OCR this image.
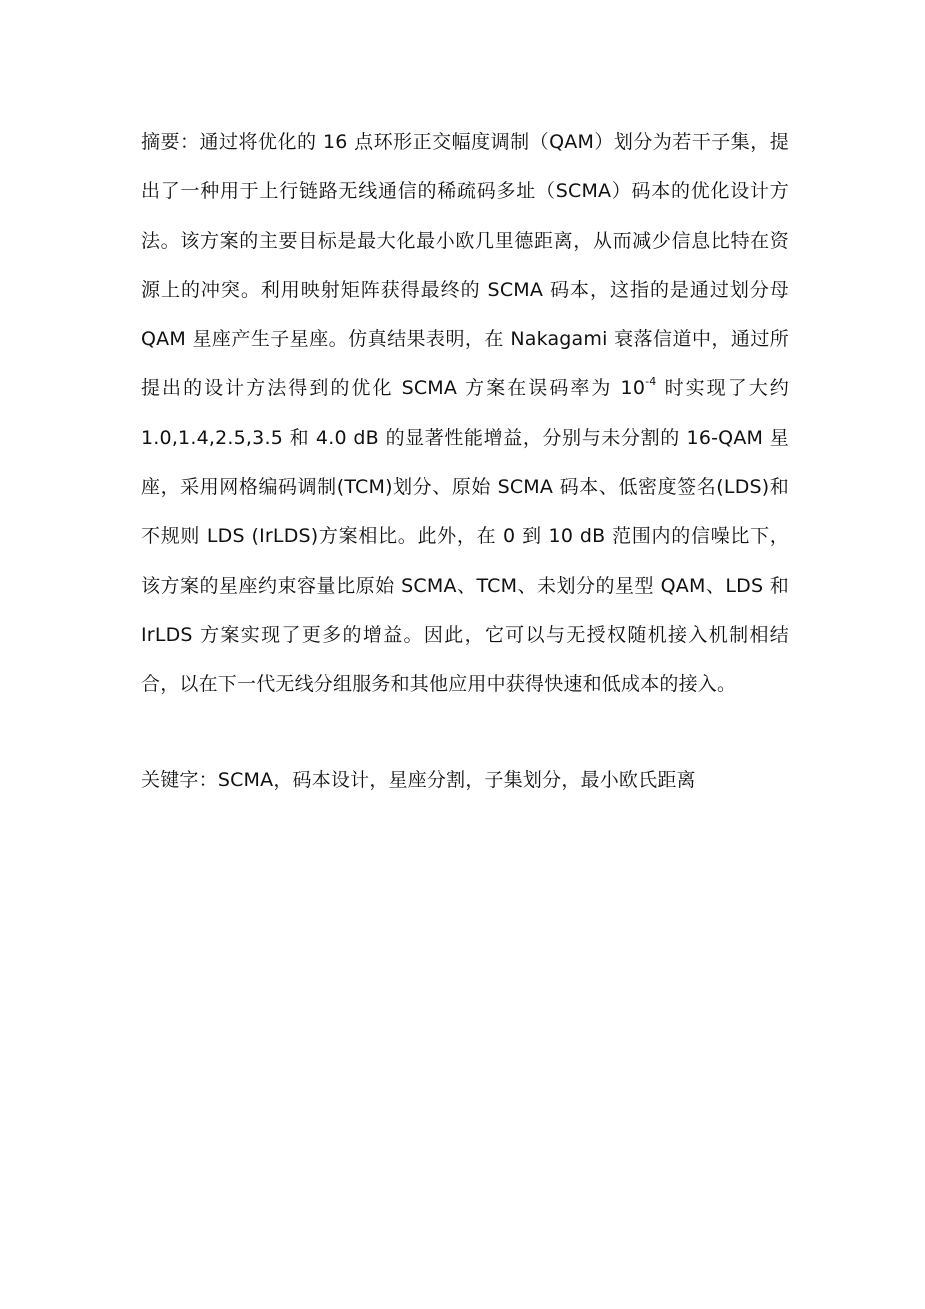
摘要：通过将优化的 16 点环形正交幅度调制（QAM）划分为若干子集，提出了一种用于上行链路无线通信的稀疏码多址（SCMA）码本的优化设计方法。该方案的主要目标是最大化最小欧几里德距离，从而减少信息比特在资源上的冲突。利用映射矩阵获得最终的 SCMA 码本，这指的是通过划分母 QAM 星座产生子星座。仿真结果表明，在 Nakagami 衰落信道中，通过所提出的设计方法得到的优化 SCMA 方案在误码率为 $10^{-4}$ 时实现了大约 1.0,1.4,2.5,3.5 和 4.0 dB 的显著性能增益，分别与未分割的 16-QAM 星座，采用网格编码调制(TCM)划分、原始 SCMA 码本、低密度签名(LDS)和不规则 LDS (IrLDS)方案相比。此外，在 0 到 10 dB 范围内的信噪比下，该方案的星座约束容量比原始 SCMA、TCM、未划分的星型 QAM、LDS 和 IrLDS 方案实现了更多的增益。因此，它可以与无授权随机接入机制相结合，以在下一代无线分组服务和其他应用中获得快速和低成本的接入。

关键字：SCMA，码本设计，星座分割，子集划分，最小欧氏距离
